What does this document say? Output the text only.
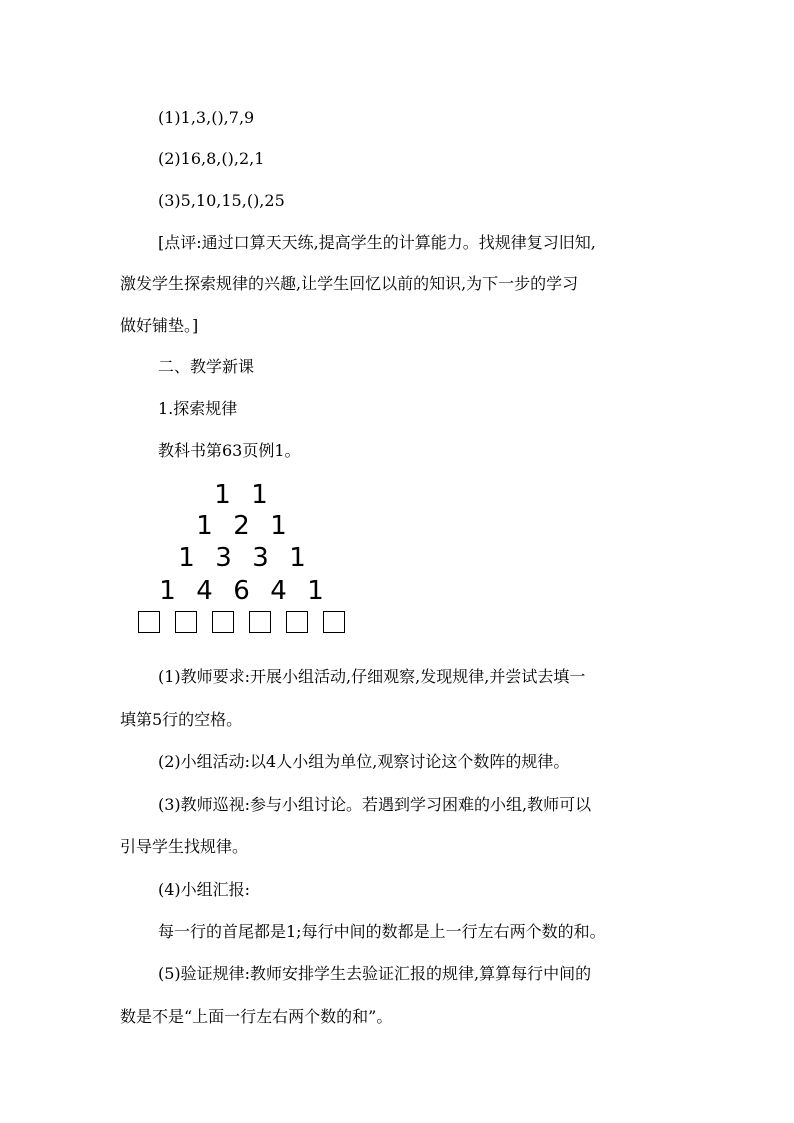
(1)1,3,(),7,9
(2)16,8,(),2,1
(3)5,10,15,(),25
[点评:通过口算天天练,提高学生的计算能力。找规律复习旧知,
激发学生探索规律的兴趣,让学生回忆以前的知识,为下一步的学习
做好铺垫。]
二、教学新课
1.探索规律
教科书第63页例1。
1 1
1 2 1
1 3 3 1
1 4 6 4 1
(1)教师要求:开展小组活动,仔细观察,发现规律,并尝试去填一
填第5行的空格。
(2)小组活动:以4人小组为单位,观察讨论这个数阵的规律。
(3)教师巡视:参与小组讨论。若遇到学习困难的小组,教师可以
引导学生找规律。
(4)小组汇报:
每一行的首尾都是1;每行中间的数都是上一行左右两个数的和。
(5)验证规律:教师安排学生去验证汇报的规律,算算每行中间的
数是不是“上面一行左右两个数的和”。
